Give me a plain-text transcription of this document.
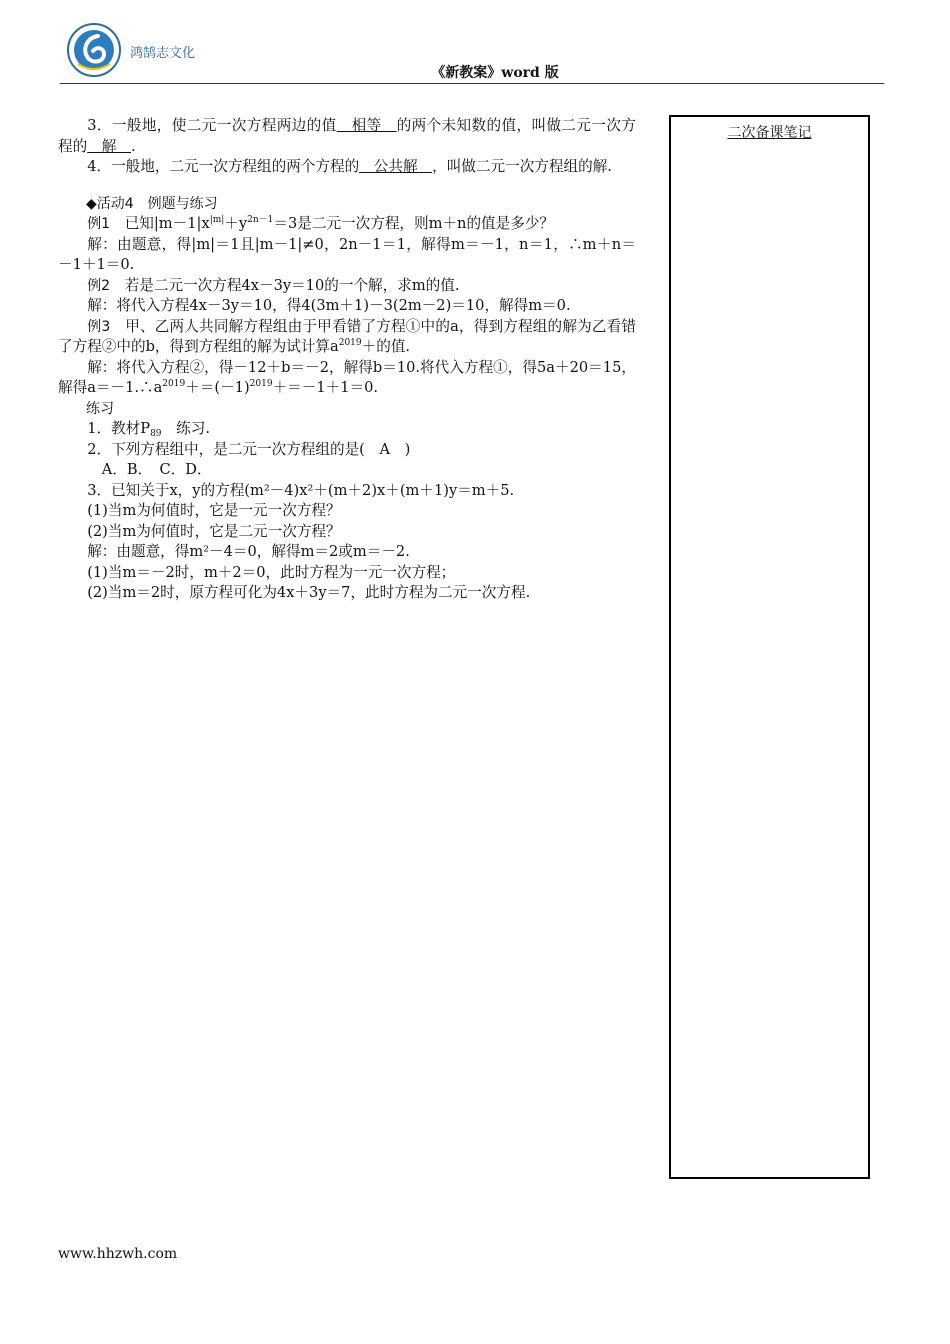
鸿鹄志文化
《新教案》word 版

3．一般地，使二元一次方程两边的值　相等　的两个未知数的值，叫做二元一次方程的　解　.

4．一般地，二元一次方程组的两个方程的　公共解　，叫做二元一次方程组的解.

◆活动4　例题与练习

例1　已知$|m-1|x^{|m|}+y^{2n-1}=3$是二元一次方程，则m＋n的值是多少？

解：由题意，得|m|＝1且|m－1|≠0，2n－1＝1，解得m＝－1，n＝1，∴m＋n＝－1＋1＝0.

例2　若是二元一次方程4x－3y＝10的一个解，求m的值.

解：将代入方程4x－3y＝10，得4(3m＋1)－3(2m－2)＝10，解得m＝0.

例3　甲、乙两人共同解方程组由于甲看错了方程①中的a，得到方程组的解为乙看错了方程②中的b，得到方程组的解为试计算$a^{2019}+$的值.

解：将代入方程②，得－12＋b＝－2，解得b＝10.将代入方程①，得5a＋20＝15，解得$a=-1.\therefore a^{2019}+=(-1)^{2019}+=-1+1=0$.

练习

1．教材$P_{89}$　练习.

2．下列方程组中，是二元一次方程组的是(　A　)

A．B．　C．D．

3．已知关于x，y的方程(m²－4)x²＋(m＋2)x＋(m＋1)y＝m＋5.

(1)当m为何值时，它是一元一次方程？

(2)当m为何值时，它是二元一次方程？

解：由题意，得m²－4＝0，解得m＝2或m＝－2.

(1)当m＝－2时，m＋2＝0，此时方程为一元一次方程；

(2)当m＝2时，原方程可化为4x＋3y＝7，此时方程为二元一次方程.

二次备课笔记
www.hhzwh.com
